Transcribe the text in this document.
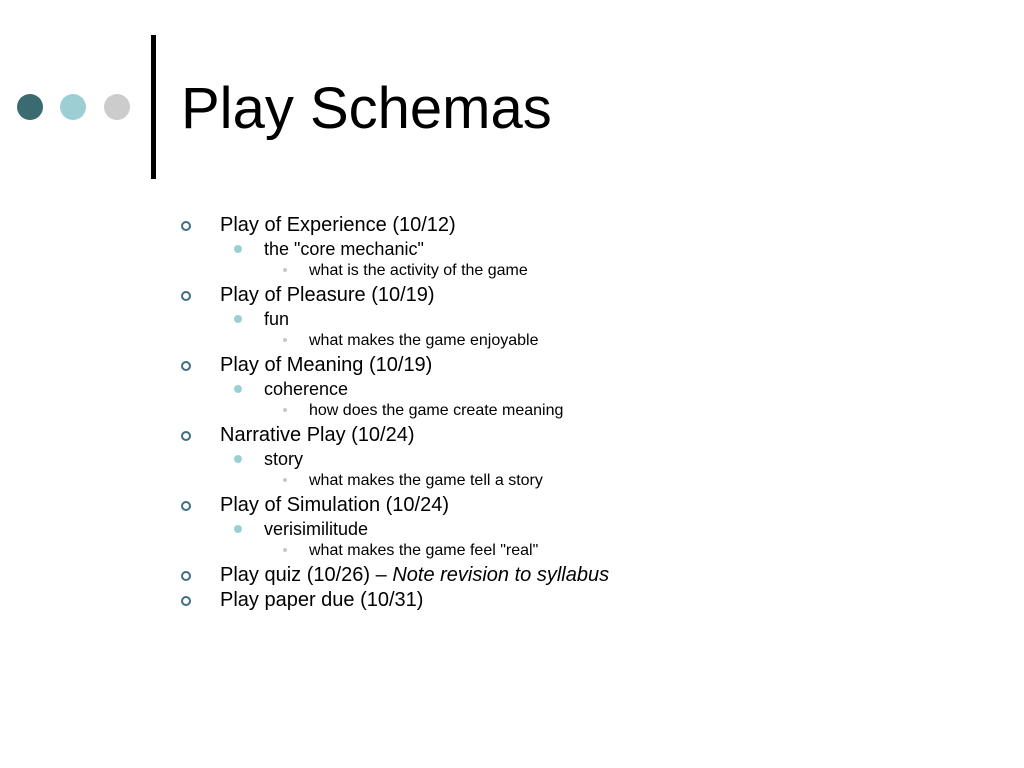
Play Schemas
Play of Experience (10/12)
the "core mechanic"
what is the activity of the game
Play of Pleasure (10/19)
fun
what makes the game enjoyable
Play of Meaning (10/19)
coherence
how does the game create meaning
Narrative Play (10/24)
story
what makes the game tell a story
Play of Simulation (10/24)
verisimilitude
what makes the game feel "real"
Play quiz (10/26) – Note revision to syllabus
Play paper due (10/31)
